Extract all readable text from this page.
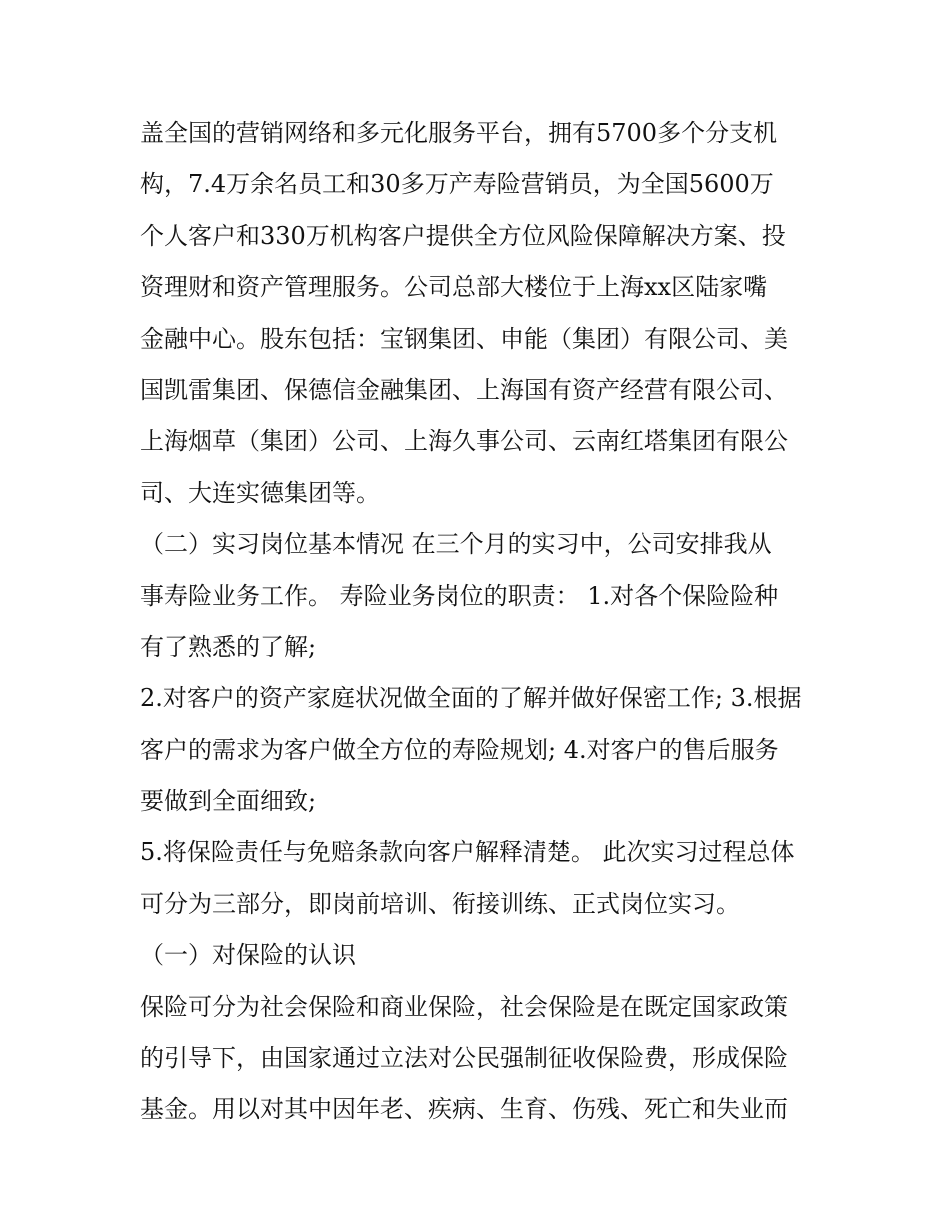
盖全国的营销网络和多元化服务平台，拥有5700多个分支机
构，7.4万余名员工和30多万产寿险营销员，为全国5600万
个人客户和330万机构客户提供全方位风险保障解决方案、投
资理财和资产管理服务。公司总部大楼位于上海xx区陆家嘴
金融中心。股东包括：宝钢集团、申能（集团）有限公司、美
国凯雷集团、保德信金融集团、上海国有资产经营有限公司、
上海烟草（集团）公司、上海久事公司、云南红塔集团有限公
司、大连实德集团等。
（二）实习岗位基本情况 在三个月的实习中，公司安排我从
事寿险业务工作。 寿险业务岗位的职责： 1.对各个保险险种
有了熟悉的了解;
2.对客户的资产家庭状况做全面的了解并做好保密工作; 3.根据
客户的需求为客户做全方位的寿险规划; 4.对客户的售后服务
要做到全面细致;
5.将保险责任与免赔条款向客户解释清楚。 此次实习过程总体
可分为三部分，即岗前培训、衔接训练、正式岗位实习。
（一）对保险的认识
保险可分为社会保险和商业保险，社会保险是在既定国家政策
的引导下，由国家通过立法对公民强制征收保险费，形成保险
基金。用以对其中因年老、疾病、生育、伤残、死亡和失业而
